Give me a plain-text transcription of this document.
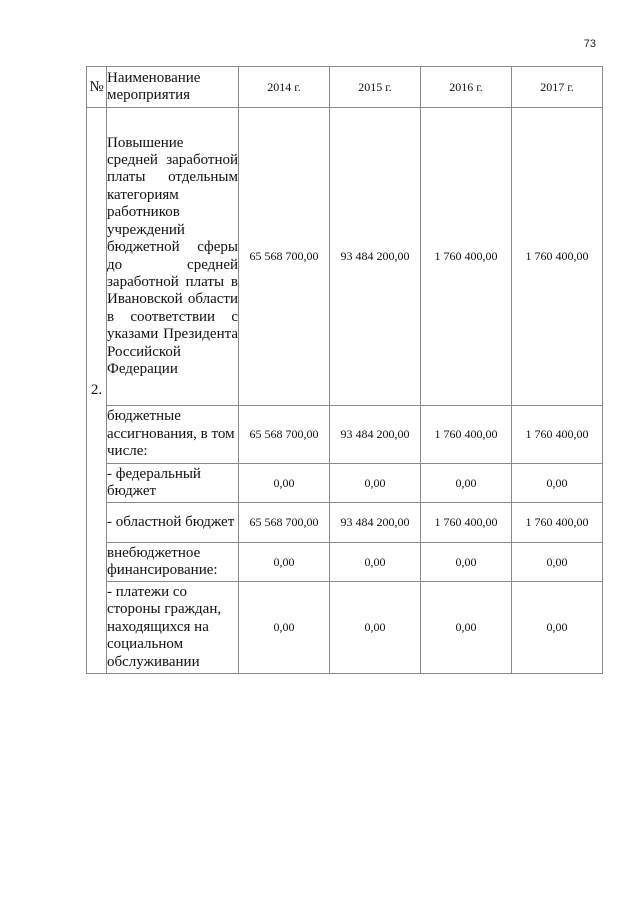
73
№	Наименование мероприятия	2014 г.	2015 г.	2016 г.	2017 г.
2.	Повышение средней заработной платы отдельным категориям работников учреждений бюджетной сферы до средней заработной платы в Ивановской области в соответствии с указами Президента Российской Федерации	65 568 700,00	93 484 200,00	1 760 400,00	1 760 400,00
	бюджетные ассигнования, в том числе:	65 568 700,00	93 484 200,00	1 760 400,00	1 760 400,00
	- федеральный бюджет	0,00	0,00	0,00	0,00
	- областной бюджет	65 568 700,00	93 484 200,00	1 760 400,00	1 760 400,00
	внебюджетное финансирование:	0,00	0,00	0,00	0,00
	- платежи со стороны граждан, находящихся на социальном обслуживании	0,00	0,00	0,00	0,00
